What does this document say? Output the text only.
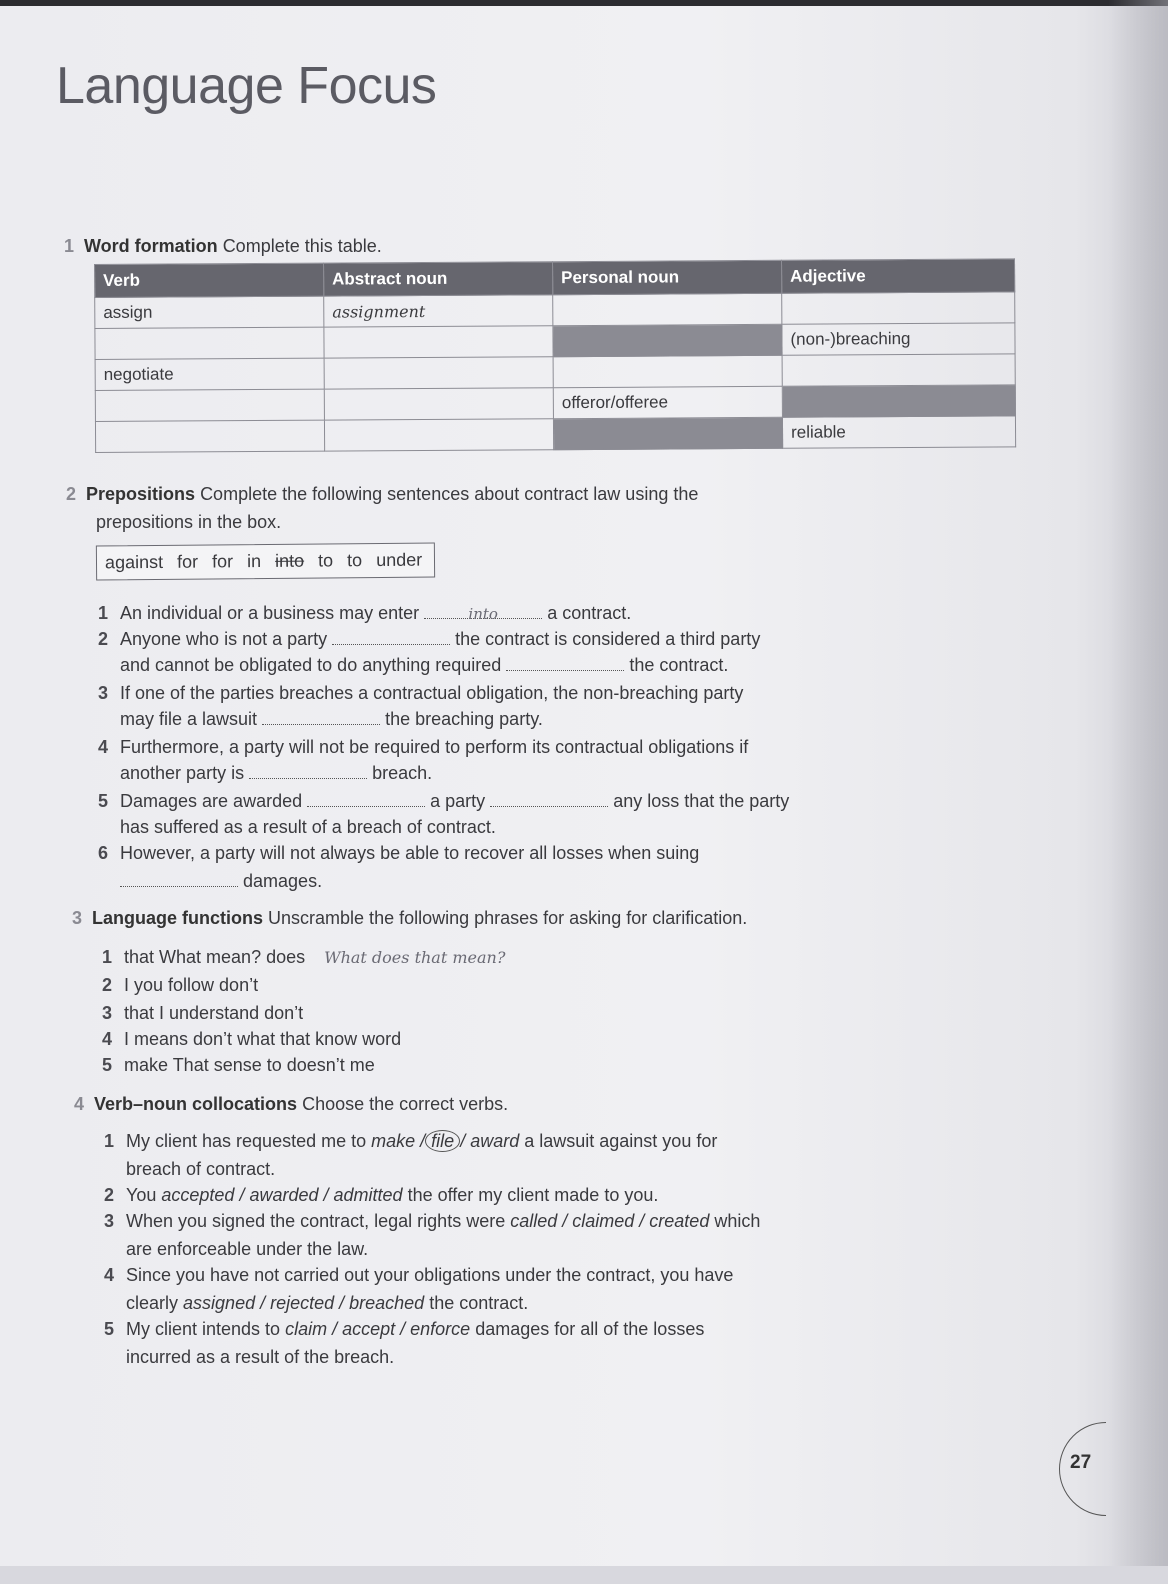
Language Focus
1 Word formation Complete this table.
Verb	Abstract noun	Personal noun	Adjective
assign	assignment		
			(non-)breaching
negotiate			
		offeror/offeree	
			reliable
2 Prepositions Complete the following sentences about contract law using the
prepositions in the box.
against for for in into to to under
1 An individual or a business may enter	into	a contract.
2 Anyone who is not a party	the contract is considered a third party
and cannot be obligated to do anything required	the contract.
3 If one of the parties breaches a contractual obligation, the non-breaching party
may file a lawsuit	the breaching party.
4 Furthermore, a party will not be required to perform its contractual obligations if
another party is	breach.
5 Damages are awarded	a party	any loss that the party
has suffered as a result of a breach of contract.
6 However, a party will not always be able to recover all losses when suing
damages.
3 Language functions Unscramble the following phrases for asking for clarification.
1 that What mean? does What does that mean?
2 I you follow don’t
3 that I understand don’t
4 I means don’t what that know word
5 make That sense to doesn’t me
4 Verb–noun collocations Choose the correct verbs.
1 My client has requested me to make / file / award a lawsuit against you for
breach of contract.
2 You accepted / awarded / admitted the offer my client made to you.
3 When you signed the contract, legal rights were called / claimed / created which
are enforceable under the law.
4 Since you have not carried out your obligations under the contract, you have
clearly assigned / rejected / breached the contract.
5 My client intends to claim / accept / enforce damages for all of the losses
incurred as a result of the breach.
27
